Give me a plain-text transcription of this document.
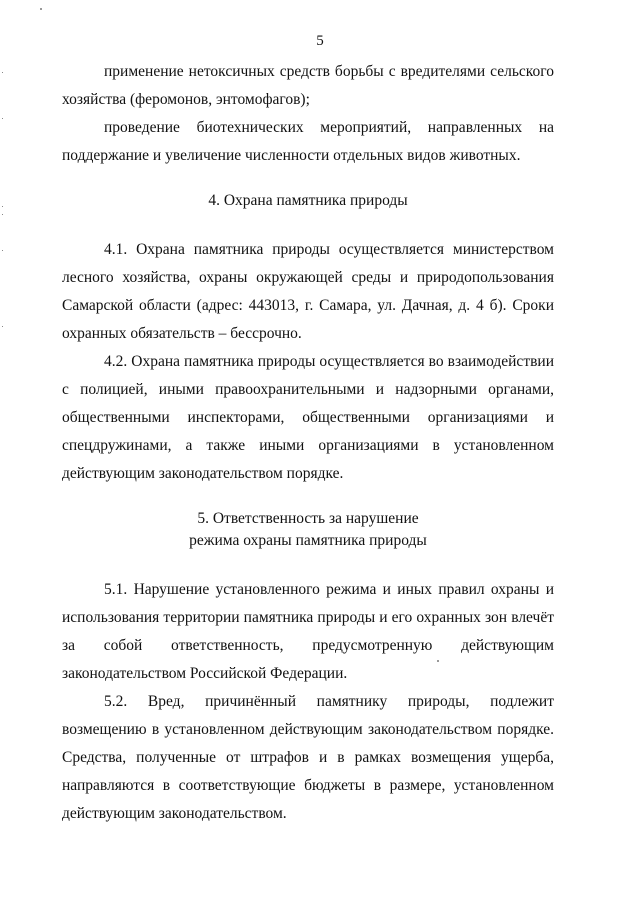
5

применение нетоксичных средств борьбы с вредителями сельского хозяйства (феромонов, энтомофагов);

проведение биотехнических мероприятий, направленных на поддержание и увеличение численности отдельных видов животных.

4. Охрана памятника природы

4.1. Охрана памятника природы осуществляется министерством лесного хозяйства, охраны окружающей среды и природопользования Самарской области (адрес: 443013, г. Самара, ул. Дачная, д. 4 б). Сроки охранных обязательств – бессрочно.

4.2. Охрана памятника природы осуществляется во взаимодействии с полицией, иными правоохранительными и надзорными органами, общественными инспекторами, общественными организациями и спецдружинами, а также иными организациями в установленном действующим законодательством порядке.

5. Ответственность за нарушение
режима охраны памятника природы

5.1. Нарушение установленного режима и иных правил охраны и использования территории памятника природы и его охранных зон влечёт за собой ответственность, предусмотренную действующим законодательством Российской Федерации.

5.2. Вред, причинённый памятнику природы, подлежит возмещению в установленном действующим законодательством порядке. Средства, полученные от штрафов и в рамках возмещения ущерба, направляются в соответствующие бюджеты в размере, установленном действующим законодательством.
